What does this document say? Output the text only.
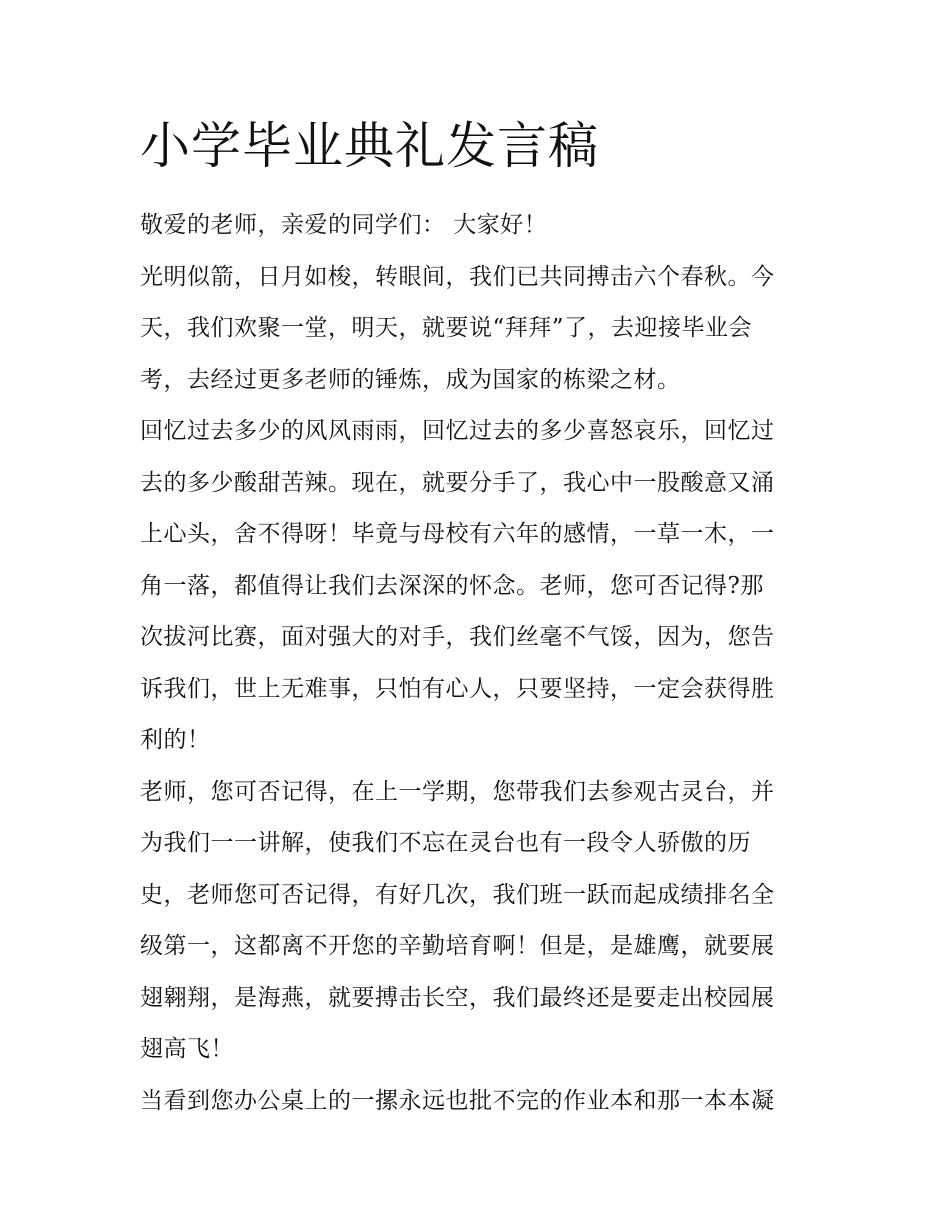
小学毕业典礼发言稿

敬爱的老师，亲爱的同学们： 大家好！

光明似箭，日月如梭，转眼间，我们已共同搏击六个春秋。今
天，我们欢聚一堂，明天，就要说“拜拜”了，去迎接毕业会
考，去经过更多老师的锤炼，成为国家的栋梁之材。

回忆过去多少的风风雨雨，回忆过去的多少喜怒哀乐，回忆过
去的多少酸甜苦辣。现在，就要分手了，我心中一股酸意又涌
上心头，舍不得呀！毕竟与母校有六年的感情，一草一木，一
角一落，都值得让我们去深深的怀念。老师，您可否记得?那
次拔河比赛，面对强大的对手，我们丝毫不气馁，因为，您告
诉我们，世上无难事，只怕有心人，只要坚持，一定会获得胜
利的！

老师，您可否记得，在上一学期，您带我们去参观古灵台，并
为我们一一讲解，使我们不忘在灵台也有一段令人骄傲的历
史，老师您可否记得，有好几次，我们班一跃而起成绩排名全
级第一，这都离不开您的辛勤培育啊！但是，是雄鹰，就要展
翅翱翔，是海燕，就要搏击长空，我们最终还是要走出校园展
翅高飞！

当看到您办公桌上的一摞永远也批不完的作业本和那一本本凝
